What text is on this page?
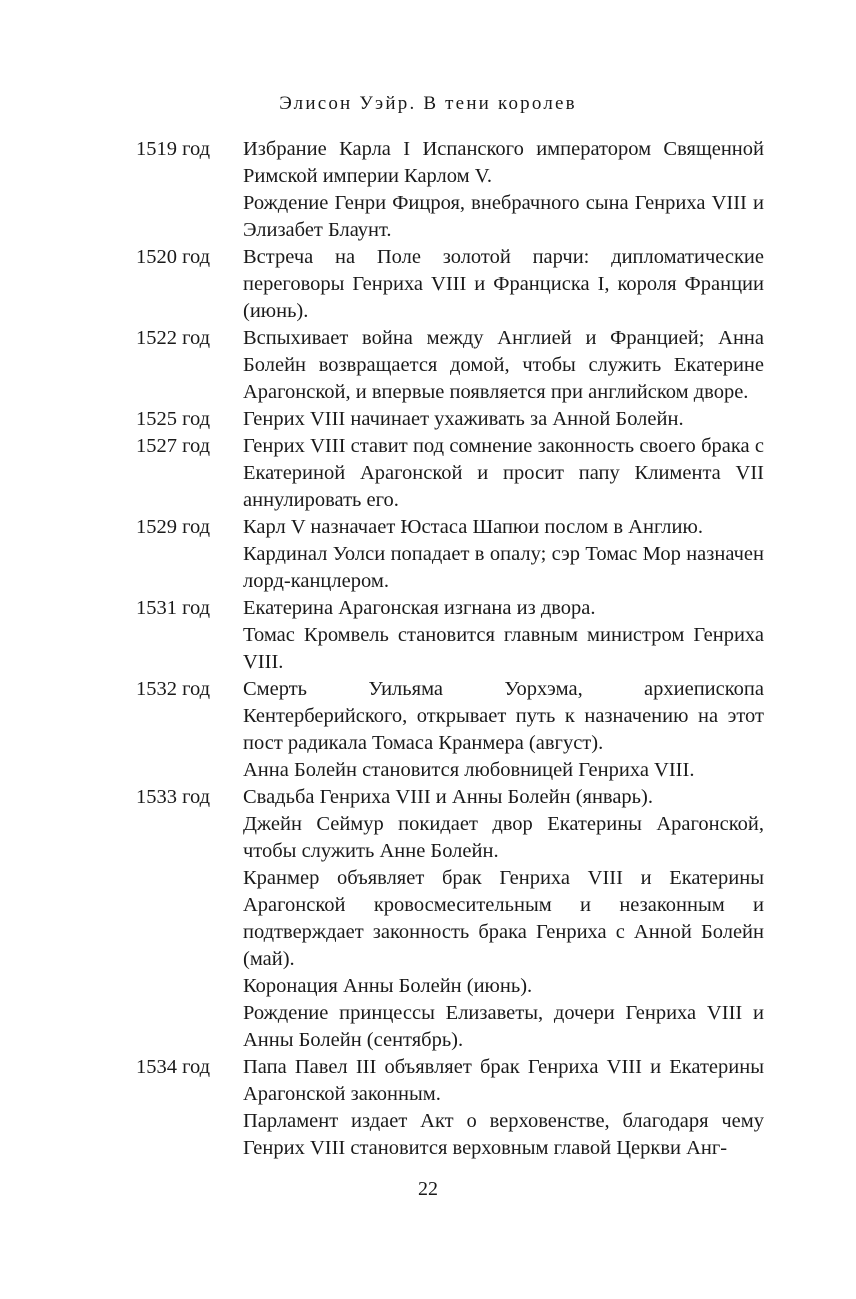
Элисон Уэйр. В тени королев
1519 год	Избрание Карла I Испанского императором Священной Римской империи Карлом V.

Рождение Генри Фицроя, внебрачного сына Генриха VIII и Элизабет Блаунт.

1520 год	Встреча на Поле золотой парчи: дипломатические переговоры Генриха VIII и Франциска I, короля Франции (июнь).

1522 год	Вспыхивает война между Англией и Францией; Анна Болейн возвращается домой, чтобы служить Екатерине Арагонской, и впервые появляется при английском дворе.

1525 год	Генрих VIII начинает ухаживать за Анной Болейн.

1527 год	Генрих VIII ставит под сомнение законность своего брака с Екатериной Арагонской и просит папу Климента VII аннулировать его.

1529 год	Карл V назначает Юстаса Шапюи послом в Англию.

Кардинал Уолси попадает в опалу; сэр Томас Мор назначен лорд-канцлером.

1531 год	Екатерина Арагонская изгнана из двора.

Томас Кромвель становится главным министром Генриха VIII.

1532 год	Смерть Уильяма Уорхэма, архиепископа Кентерберийского, открывает путь к назначению на этот пост радикала Томаса Кранмера (август).

Анна Болейн становится любовницей Генриха VIII.

1533 год	Свадьба Генриха VIII и Анны Болейн (январь).

Джейн Сеймур покидает двор Екатерины Арагонской, чтобы служить Анне Болейн.

Кранмер объявляет брак Генриха VIII и Екатерины Арагонской кровосмесительным и незаконным и подтверждает законность брака Генриха с Анной Болейн (май).

Коронация Анны Болейн (июнь).

Рождение принцессы Елизаветы, дочери Генриха VIII и Анны Болейн (сентябрь).

1534 год	Папа Павел III объявляет брак Генриха VIII и Екатерины Арагонской законным.

Парламент издает Акт о верховенстве, благодаря чему Генрих VIII становится верховным главой Церкви Анг-

22
